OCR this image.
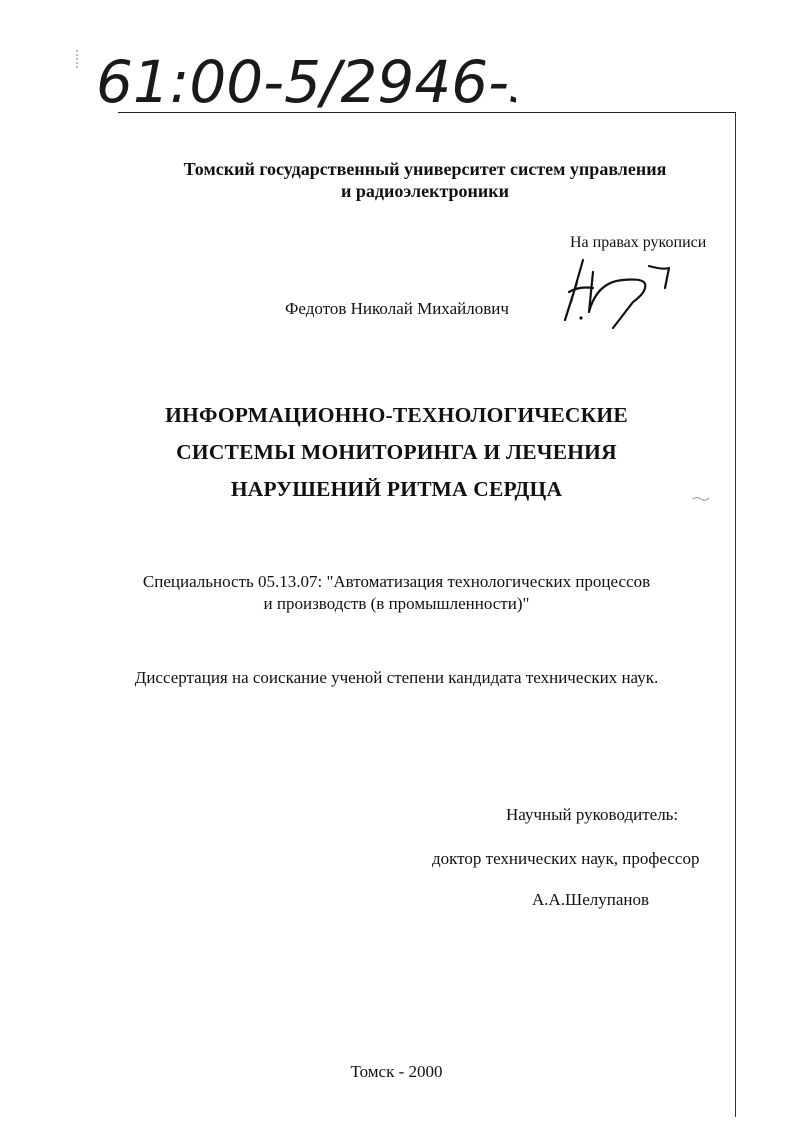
61:00-5/2946-5
Томский государственный университет систем управления
и радиоэлектроники
На правах рукописи
Федотов Николай Михайлович
ИНФОРМАЦИОННО-ТЕХНОЛОГИЧЕСКИЕ
СИСТЕМЫ МОНИТОРИНГА И ЛЕЧЕНИЯ
НАРУШЕНИЙ РИТМА СЕРДЦА
Специальность 05.13.07: "Автоматизация технологических процессов
и производств (в промышленности)"
Диссертация на соискание ученой степени кандидата технических наук.
Научный руководитель:
доктор технических наук, профессор
А.А.Шелупанов
Томск - 2000
